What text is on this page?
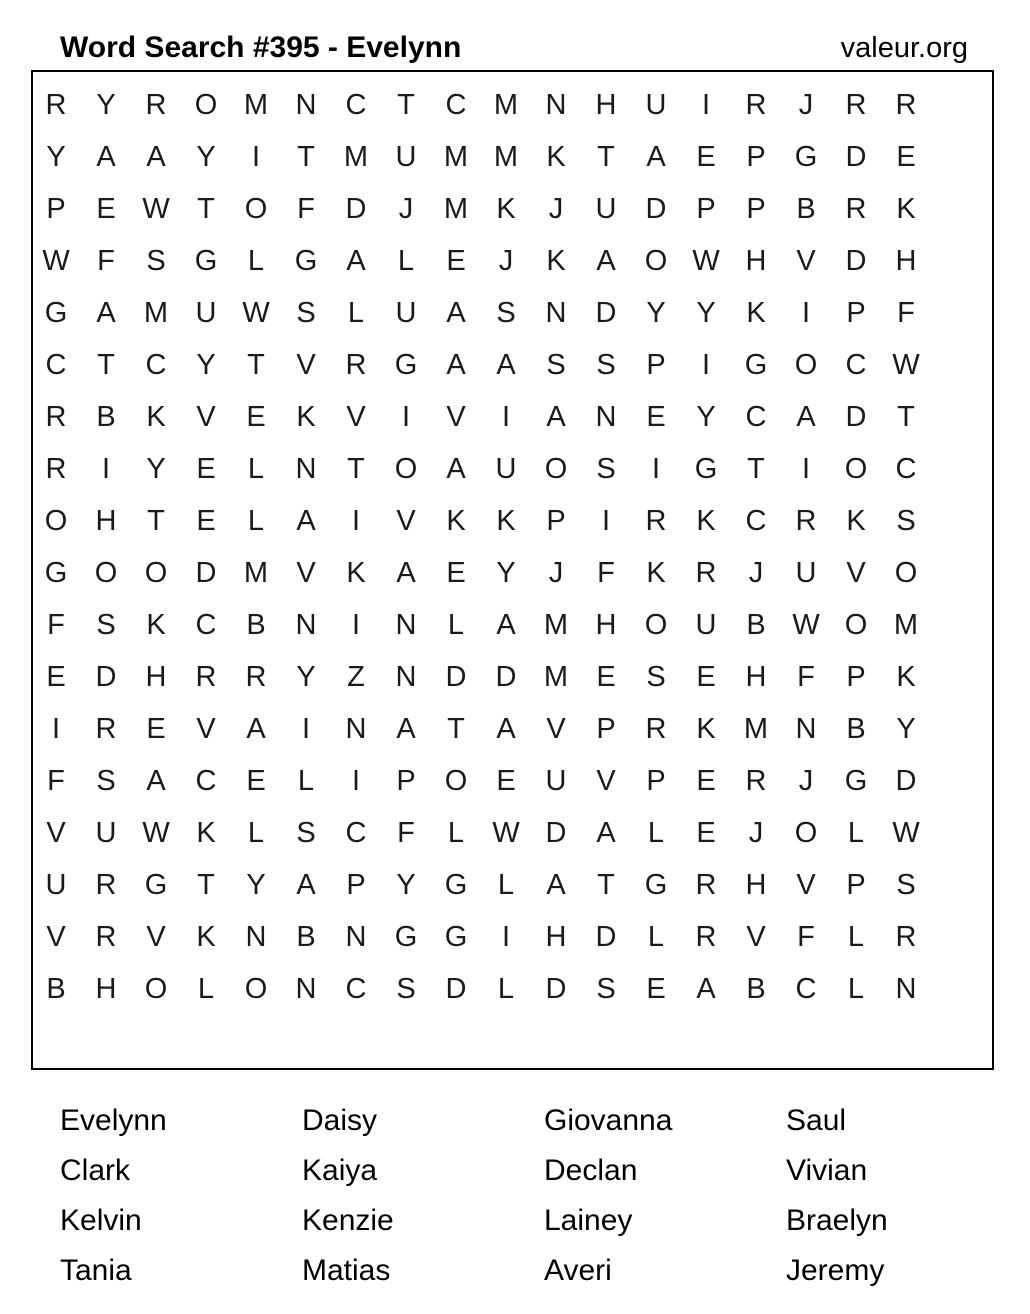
Word Search #395 - Evelynn	valeur.org
R	Y	R O M N	C	T	C M N	H	U	I	R	J	R	R
Y	A	A	Y	I	T	M U M M K	T	A	E	P	G D	E
P	E W T	O	F	D	J	M K	J	U	D	P	P	B	R	K
W F	S	G	L	G	A	L	E	J	K	A	O W H	V	D	H
G	A M U W S	L	U	A	S	N	D	Y	Y	K	I	P	F
C	T	C	Y	T	V	R G	A	A	S	S	P	I	G O C W
R	B	K	V	E	K	V	I	V	I	A	N	E	Y	C	A	D	T
R	I	Y	E	L	N	T	O	A	U O	S	I	G	T	I	O C
O H	T	E	L	A	I	V	K	K	P	I	R	K	C	R	K	S
G O O D M V	K	A	E	Y	J	F	K	R	J	U	V	O
F	S	K	C	B	N	I	N	L	A M H O U	B W O M
E	D	H	R	R	Y	Z	N	D	D M E	S	E	H	F	P	K
I	R	E	V	A	I	N	A	T	A	V	P	R	K M N	B	Y
F	S	A	C	E	L	I	P	O	E	U	V	P	E	R	J	G D
V	U W K	L	S	C	F	L W D	A	L	E	J	O	L W
U	R G	T	Y	A	P	Y	G	L	A	T	G R	H	V	P	S
V	R	V	K	N	B	N G G	I	H	D	L	R	V	F	L	R
B	H O	L	O N	C	S	D	L	D	S	E	A	B	C	L	N
Evelynn	Daisy	Giovanna	Saul
Clark	Kaiya	Declan	Vivian
Kelvin	Kenzie	Lainey	Braelyn
Tania	Matias	Averi	Jeremy
